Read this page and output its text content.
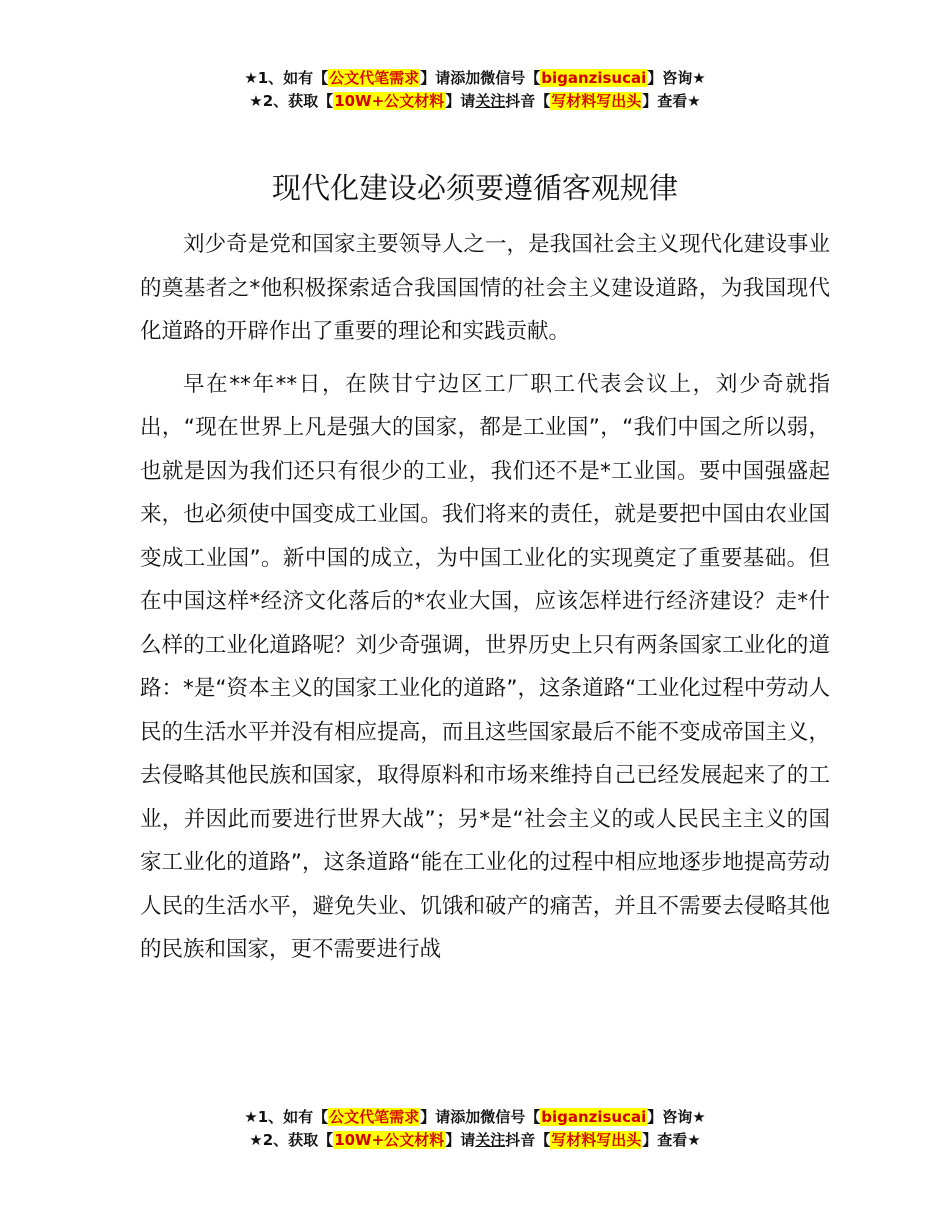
★1、如有【公文代笔需求】请添加微信号【biganzisucai】咨询★
★2、获取【10W+公文材料】请关注抖音【写材料写出头】查看★
现代化建设必须要遵循客观规律

刘少奇是党和国家主要领导人之一，是我国社会主义现代化建设事业的奠基者之*他积极探索适合我国国情的社会主义建设道路，为我国现代化道路的开辟作出了重要的理论和实践贡献。

早在**年**日，在陕甘宁边区工厂职工代表会议上，刘少奇就指出，“现在世界上凡是强大的国家，都是工业国”，“我们中国之所以弱，也就是因为我们还只有很少的工业，我们还不是*工业国。要中国强盛起来，也必须使中国变成工业国。我们将来的责任，就是要把中国由农业国变成工业国”。新中国的成立，为中国工业化的实现奠定了重要基础。但在中国这样*经济文化落后的*农业大国，应该怎样进行经济建设？走*什么样的工业化道路呢？刘少奇强调，世界历史上只有两条国家工业化的道路：*是“资本主义的国家工业化的道路”，这条道路“工业化过程中劳动人民的生活水平并没有相应提高，而且这些国家最后不能不变成帝国主义，去侵略其他民族和国家，取得原料和市场来维持自己已经发展起来了的工业，并因此而要进行世界大战”；另*是“社会主义的或人民民主主义的国家工业化的道路”，这条道路“能在工业化的过程中相应地逐步地提高劳动人民的生活水平，避免失业、饥饿和破产的痛苦，并且不需要去侵略其他的民族和国家，更不需要进行战

★1、如有【公文代笔需求】请添加微信号【biganzisucai】咨询★
★2、获取【10W+公文材料】请关注抖音【写材料写出头】查看★
